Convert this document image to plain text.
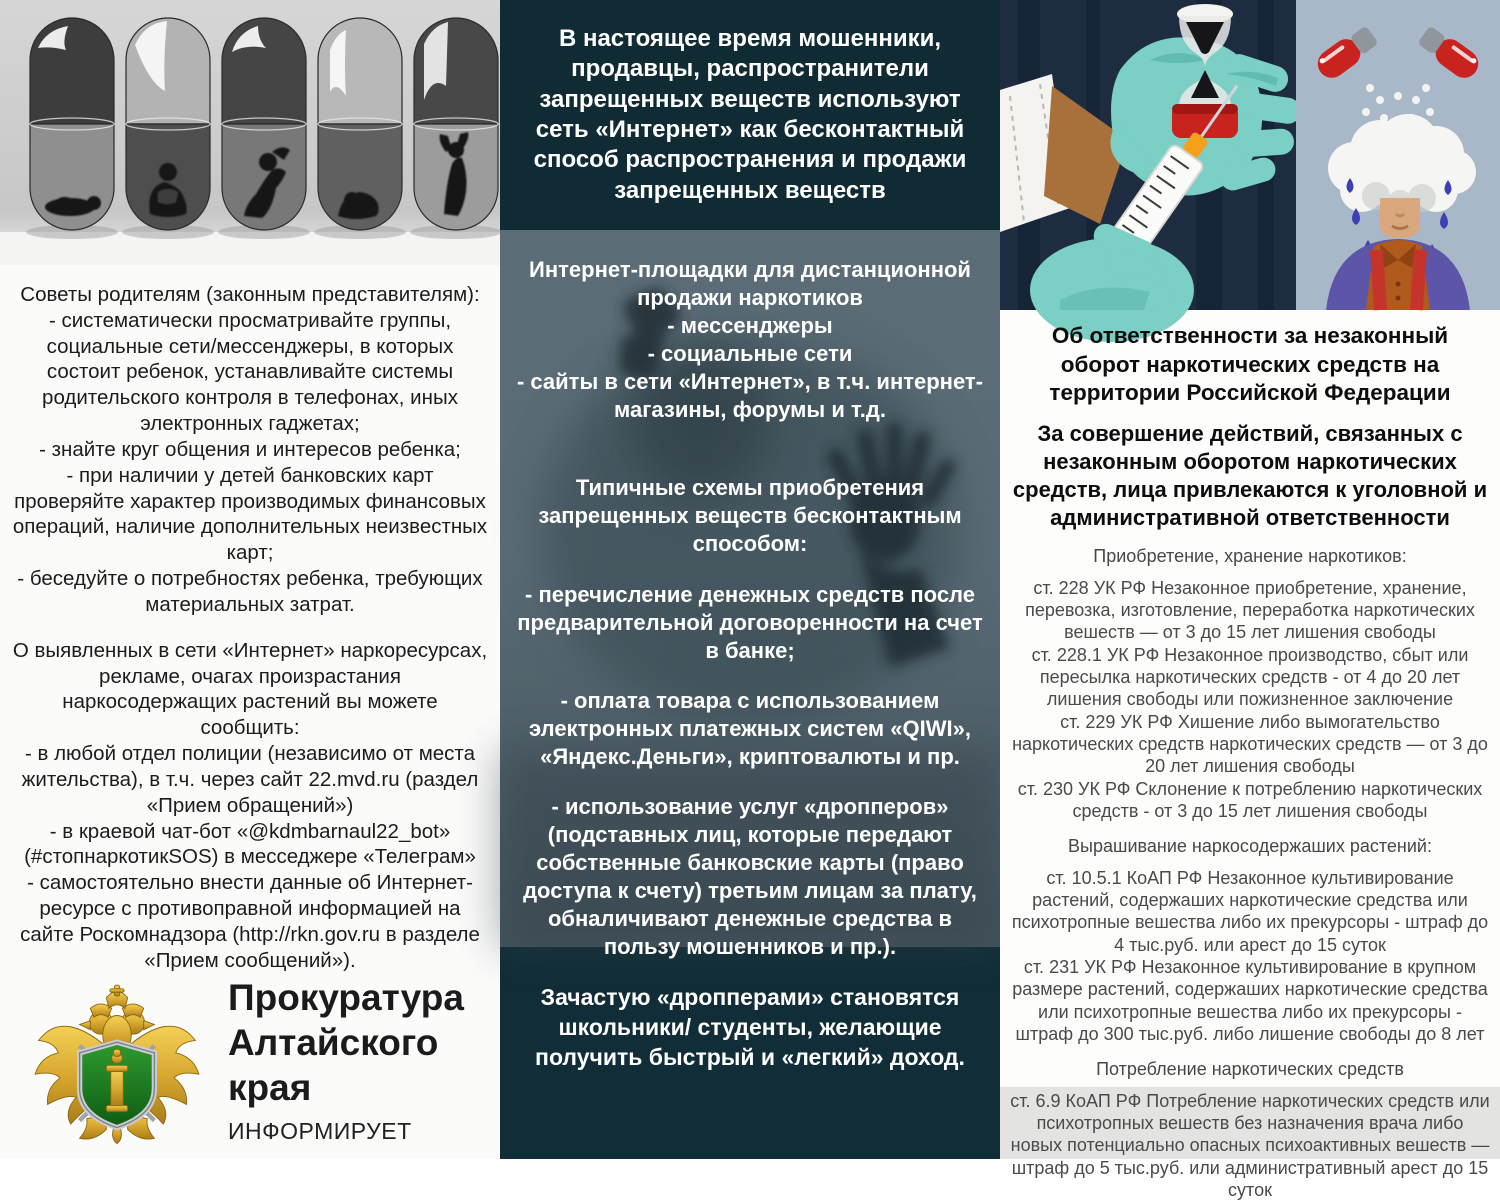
Советы родителям (законным представителям):
- систематически просматривайте группы, социальные сети/мессенджеры, в которых состоит ребенок, устанавливайте системы родительского контроля в телефонах, иных электронных гаджетах;
- знайте круг общения и интересов ребенка;
- при наличии у детей банковских карт проверяйте характер производимых финансовых операций, наличие дополнительных неизвестных карт;
- беседуйте о потребностях ребенка, требующих материальных затрат.
О выявленных в сети «Интернет» наркоресурсах, рекламе, очагах произрастания наркосодержащих растений вы можете сообщить:
- в любой отдел полиции (независимо от места жительства), в т.ч. через сайт 22.mvd.ru (раздел «Прием обращений»)
- в краевой чат-бот «@kdmbarnaul22_bot» (#стопнаркотикSOS) в месседжере «Телеграм»
- самостоятельно внести данные об Интернет-ресурсе с противоправной информацией на сайте Роскомнадзора (http://rkn.gov.ru в разделе «Прием сообщений»).
Прокуратура
Алтайского края
ИНФОРМИРУЕТ
В настоящее время мошенники, продавцы, распространители запрещенных веществ используют сеть «Интернет» как бесконтактный способ распространения и продажи запрещенных веществ
Интернет-площадки для дистанционной продажи наркотиков
- мессенджеры
- социальные сети
- сайты в сети «Интернет», в т.ч. интернет-магазины, форумы и т.д.
Типичные схемы приобретения запрещенных веществ бесконтактным способом:
- перечисление денежных средств после предварительной договоренности на счет в банке;
- оплата товара с использованием электронных платежных систем «QIWI», «Яндекс.Деньги», криптовалюты и пр.
- использование услуг «дропперов» (подставных лиц, которые передают собственные банковские карты (право доступа к счету) третьим лицам за плату, обналичивают денежные средства в пользу мошенников и пр.).
Зачастую «дропперами» становятся школьники/ студенты, желающие получить быстрый и «легкий» доход.
Об ответственности за незаконный оборот наркотических средств на территории Российской Федерации
За совершение действий, связанных с незаконным оборотом наркотических средств, лица привлекаются к уголовной и административной ответственности
Приобретение, хранение наркотиков:
ст. 228 УК РФ Незаконное приобретение, хранение, перевозка, изготовление, переработка наркотических вешеств — от 3 до 15 лет лишения свободы
ст. 228.1 УК РФ Незаконное производство, сбыт или пересылка наркотических средств - от 4 до 20 лет лишения свободы или пожизненное заключение
ст. 229 УК РФ Хишение либо вымогательство наркотических средств наркотических средств — от 3 до 20 лет лишения свободы
ст. 230 УК РФ Склонение к потреблению наркотических средств - от 3 до 15 лет лишения свободы
Вырашивание наркосодержаших растений:
ст. 10.5.1 КоАП РФ Незаконное культивирование растений, содержаших наркотические средства или психотропные вешества либо их прекурсоры - штраф до 4 тыс.руб. или арест до 15 суток
ст. 231 УК РФ Незаконное культивирование в крупном размере растений, содержаших наркотические средства или психотропные вешества либо их прекурсоры - штраф до 300 тыс.руб. либо лишение свободы до 8 лет
Потребление наркотических средств
ст. 6.9 КоАП РФ Потребление наркотических средств или психотропных вешеств без назначения врача либо новых потенциально опасных психоактивных вешеств — штраф до 5 тыс.руб. или административный арест до 15 суток
